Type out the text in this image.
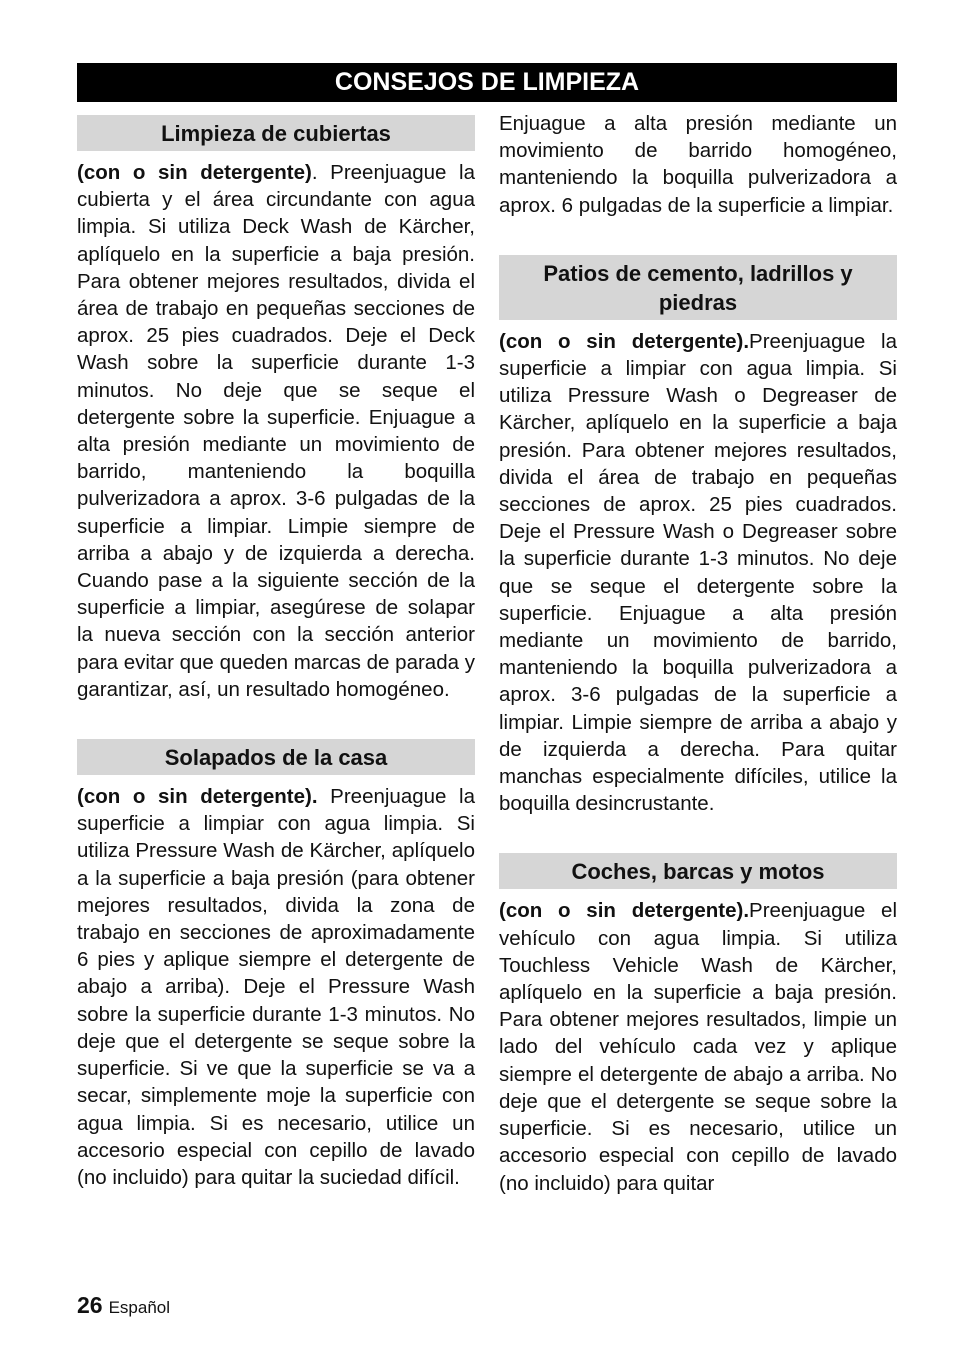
CONSEJOS DE LIMPIEZA
Limpieza de cubiertas

(con o sin detergente). Preenjuague la cubierta y el área circundante con agua limpia. Si utiliza Deck Wash de Kärcher, aplíquelo en la superficie a baja presión. Para obtener mejores resultados, divida el área de trabajo en pequeñas secciones de aprox. 25 pies cuadrados. Deje el Deck Wash sobre la superficie durante 1-3 minutos. No deje que se seque el detergente sobre la superficie. Enjuague a alta presión mediante un movimiento de barrido, manteniendo la boquilla pulverizadora a aprox. 3-6 pulgadas de la superficie a limpiar. Limpie siempre de arriba a abajo y de izquierda a derecha. Cuando pase a la siguiente sección de la superficie a limpiar, asegúrese de solapar la nueva sección con la sección anterior para evitar que queden marcas de parada y garantizar, así, un resultado homogéneo.

Solapados de la casa

(con o sin detergente). Preenjuague la superficie a limpiar con agua limpia. Si utiliza Pressure Wash de Kärcher, aplíquelo a la superficie a baja presión (para obtener mejores resultados, divida la zona de trabajo en secciones de aproximadamente 6 pies y aplique siempre el detergente de abajo a arriba). Deje el Pressure Wash sobre la superficie durante 1-3 minutos. No deje que el detergente se seque sobre la superficie. Si ve que la superficie se va a secar, simplemente moje la superficie con agua limpia. Si es necesario, utilice un accesorio especial con cepillo de lavado (no incluido) para quitar la suciedad difícil.

Enjuague a alta presión mediante un movimiento de barrido homogéneo, manteniendo la boquilla pulverizadora a aprox. 6 pulgadas de la superficie a limpiar.

Patios de cemento, ladrillos y piedras

(con o sin detergente).Preenjuague la superficie a limpiar con agua limpia. Si utiliza Pressure Wash o Degreaser de Kärcher, aplíquelo en la superficie a baja presión. Para obtener mejores resultados, divida el área de trabajo en pequeñas secciones de aprox. 25 pies cuadrados. Deje el Pressure Wash o Degreaser sobre la superficie durante 1-3 minutos. No deje que se seque el detergente sobre la superficie. Enjuague a alta presión mediante un movimiento de barrido, manteniendo la boquilla pulverizadora a aprox. 3-6 pulgadas de la superficie a limpiar. Limpie siempre de arriba a abajo y de izquierda a derecha. Para quitar manchas especialmente difíciles, utilice la boquilla desincrustante.

Coches, barcas y motos

(con o sin detergente).Preenjuague el vehículo con agua limpia. Si utiliza Touchless Vehicle Wash de Kärcher, aplíquelo en la superficie a baja presión. Para obtener mejores resultados, limpie un lado del vehículo cada vez y aplique siempre el detergente de abajo a arriba. No deje que el detergente se seque sobre la superficie. Si es necesario, utilice un accesorio especial con cepillo de lavado (no incluido) para quitar

26 Español
